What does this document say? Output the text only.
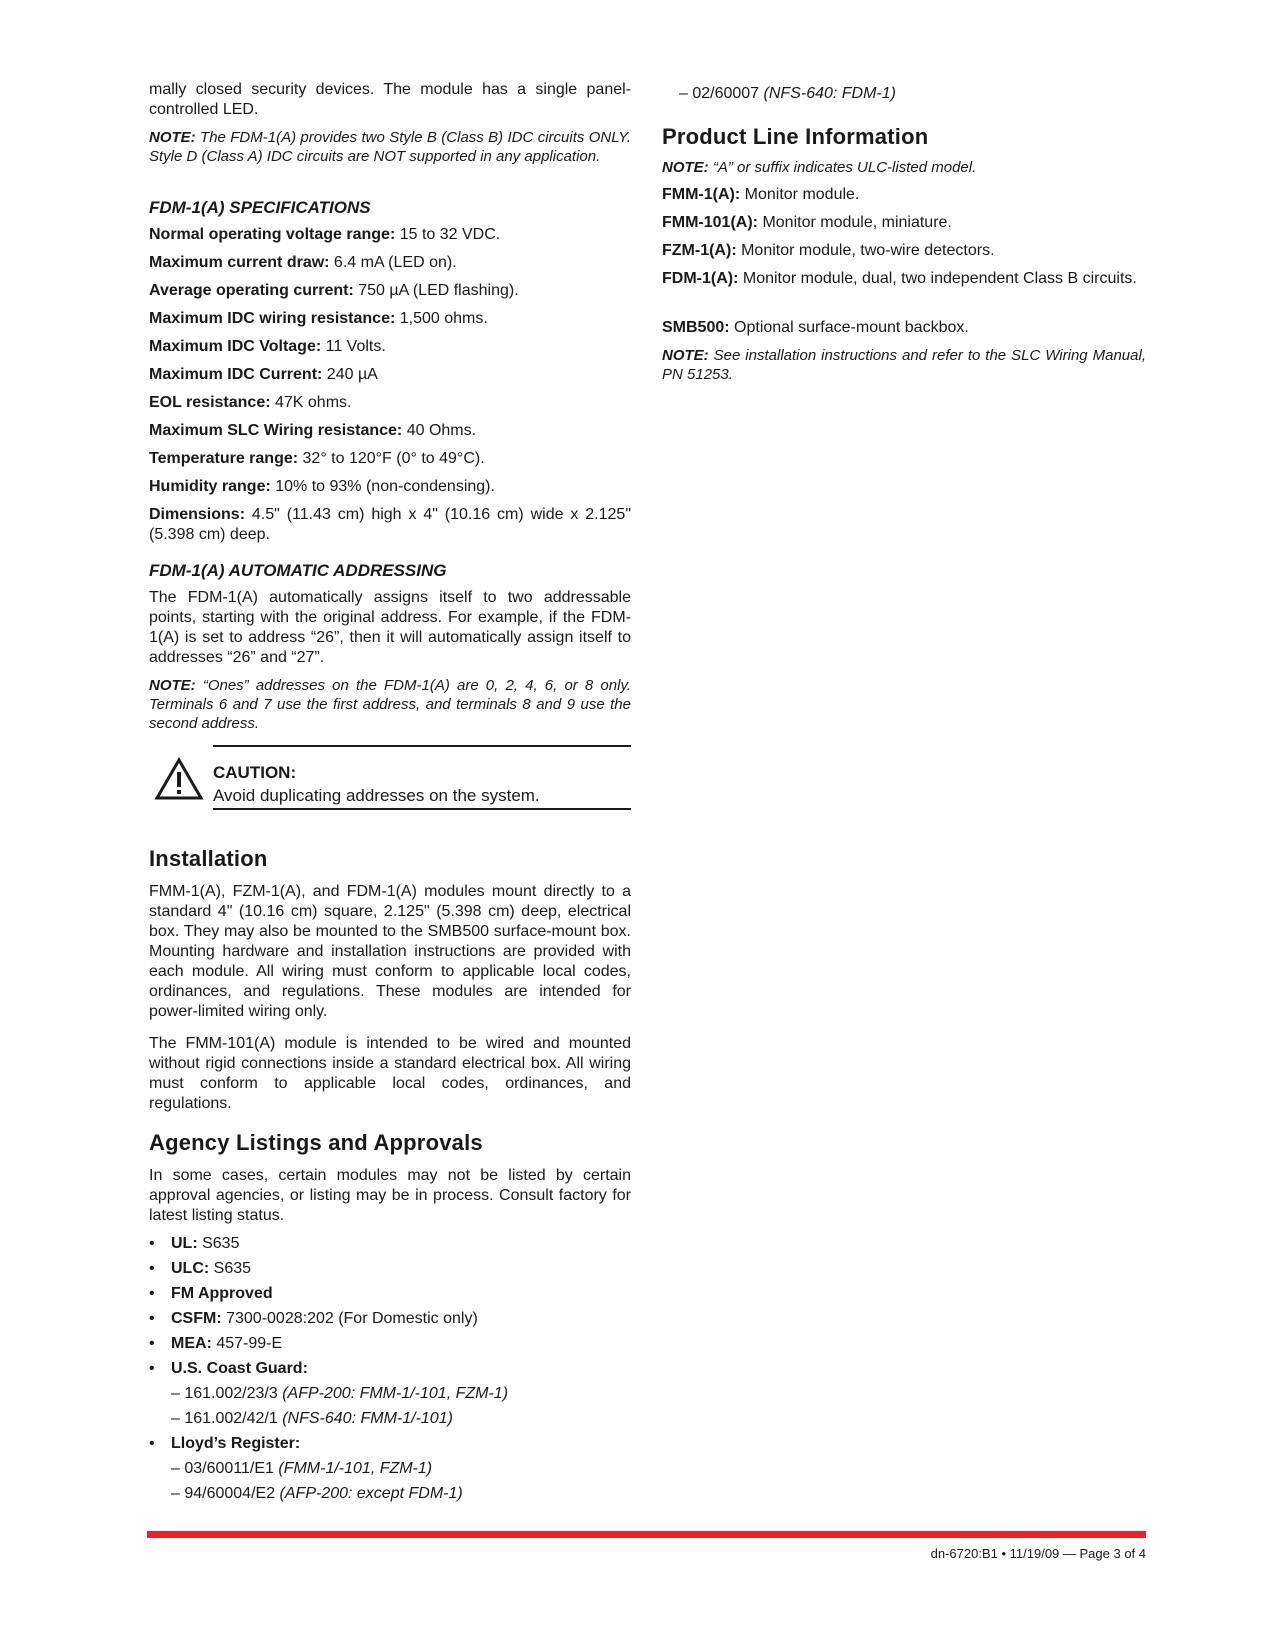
mally closed security devices. The module has a single panel-controlled LED.

NOTE: The FDM-1(A) provides two Style B (Class B) IDC circuits ONLY. Style D (Class A) IDC circuits are NOT supported in any application.

FDM-1(A) SPECIFICATIONS

Normal operating voltage range: 15 to 32 VDC.

Maximum current draw: 6.4 mA (LED on).

Average operating current: 750 µA (LED flashing).

Maximum IDC wiring resistance: 1,500 ohms.

Maximum IDC Voltage: 11 Volts.

Maximum IDC Current: 240 µA

EOL resistance: 47K ohms.

Maximum SLC Wiring resistance: 40 Ohms.

Temperature range: 32° to 120°F (0° to 49°C).

Humidity range: 10% to 93% (non-condensing).

Dimensions: 4.5" (11.43 cm) high x 4" (10.16 cm) wide x 2.125" (5.398 cm) deep.

FDM-1(A) AUTOMATIC ADDRESSING

The FDM-1(A) automatically assigns itself to two addressable points, starting with the original address. For example, if the FDM-1(A) is set to address “26”, then it will automatically assign itself to addresses “26” and “27”.

NOTE: “Ones” addresses on the FDM-1(A) are 0, 2, 4, 6, or 8 only. Terminals 6 and 7 use the first address, and terminals 8 and 9 use the second address.

CAUTION:
Avoid duplicating addresses on the system.
Installation

FMM-1(A), FZM-1(A), and FDM-1(A) modules mount directly to a standard 4" (10.16 cm) square, 2.125" (5.398 cm) deep, electrical box. They may also be mounted to the SMB500 surface-mount box. Mounting hardware and installation instructions are provided with each module. All wiring must conform to applicable local codes, ordinances, and regulations. These modules are intended for power-limited wiring only.

The FMM-101(A) module is intended to be wired and mounted without rigid connections inside a standard electrical box. All wiring must conform to applicable local codes, ordinances, and regulations.

Agency Listings and Approvals

In some cases, certain modules may not be listed by certain approval agencies, or listing may be in process. Consult factory for latest listing status.

• UL: S635
• ULC: S635
• FM Approved
• CSFM: 7300-0028:202 (For Domestic only)
• MEA: 457-99-E
• U.S. Coast Guard:
– 161.002/23/3 (AFP-200: FMM-1/-101, FZM-1)
– 161.002/42/1 (NFS-640: FMM-1/-101)
• Lloyd’s Register:
– 03/60011/E1 (FMM-1/-101, FZM-1)
– 94/60004/E2 (AFP-200: except FDM-1)
– 02/60007 (NFS-640: FDM-1)
Product Line Information

NOTE: “A” or suffix indicates ULC-listed model.

FMM-1(A): Monitor module.

FMM-101(A): Monitor module, miniature.

FZM-1(A): Monitor module, two-wire detectors.

FDM-1(A): Monitor module, dual, two independent Class B circuits.

SMB500: Optional surface-mount backbox.

NOTE: See installation instructions and refer to the SLC Wiring Manual, PN 51253.

dn-6720:B1 • 11/19/09 — Page 3 of 4
